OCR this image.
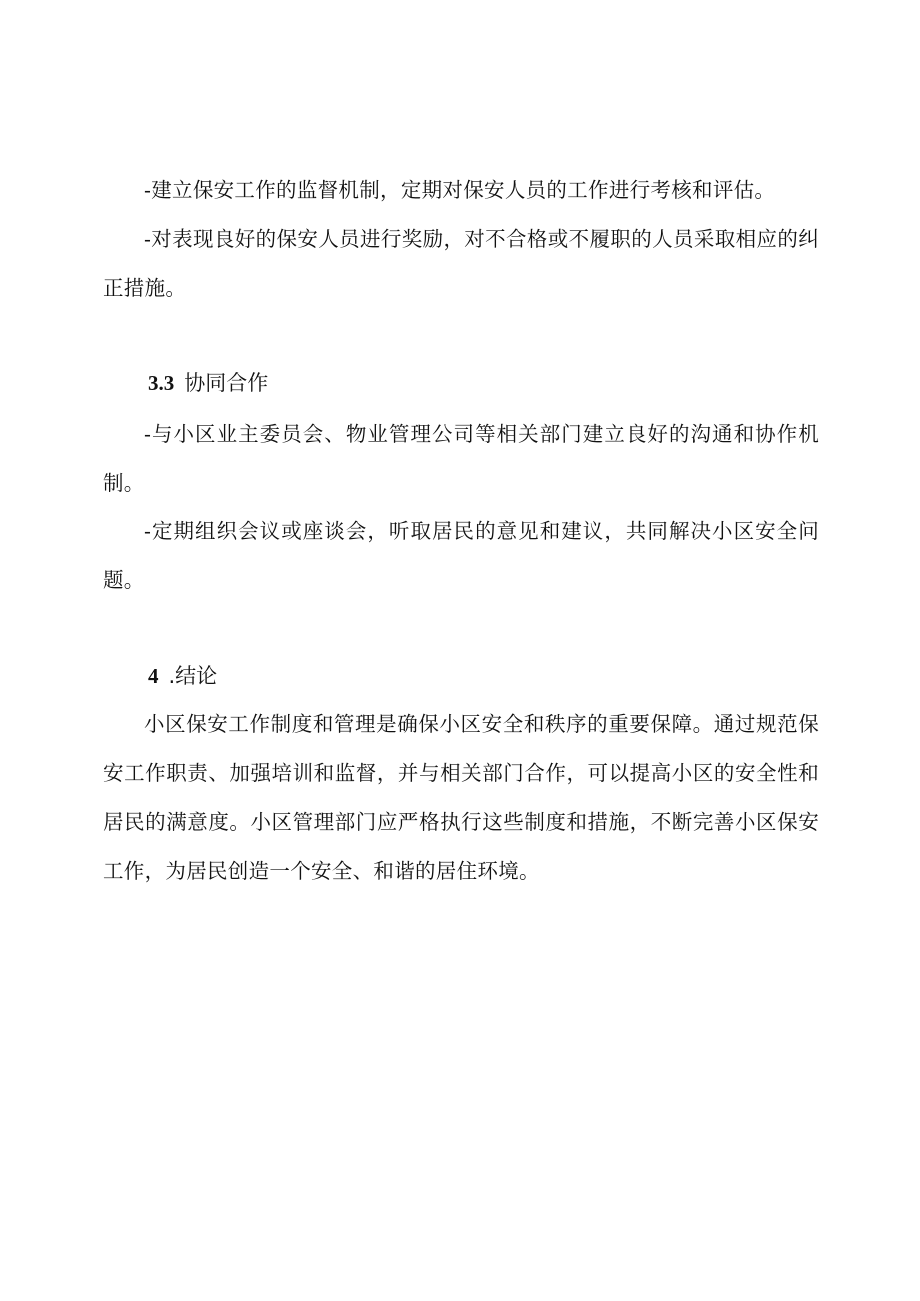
-建立保安工作的监督机制，定期对保安人员的工作进行考核和评估。

-对表现良好的保安人员进行奖励，对不合格或不履职的人员采取相应的纠正措施。

3.3 协同合作

-与小区业主委员会、物业管理公司等相关部门建立良好的沟通和协作机制。

-定期组织会议或座谈会，听取居民的意见和建议，共同解决小区安全问题。

4 .结论

小区保安工作制度和管理是确保小区安全和秩序的重要保障。通过规范保安工作职责、加强培训和监督，并与相关部门合作，可以提高小区的安全性和居民的满意度。小区管理部门应严格执行这些制度和措施，不断完善小区保安工作，为居民创造一个安全、和谐的居住环境。
